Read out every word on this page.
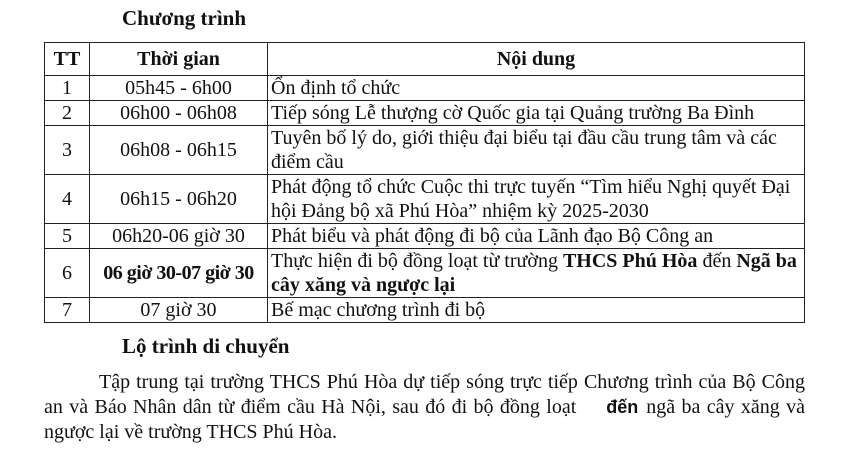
Chương trình
TT	Thời gian	Nội dung
1	05h45 - 6h00	Ổn định tổ chức
2	06h00 - 06h08	Tiếp sóng Lễ thượng cờ Quốc gia tại Quảng trường Ba Đình
3	06h08 - 06h15	Tuyên bố lý do, giới thiệu đại biểu tại đầu cầu trung tâm và các điểm cầu
4	06h15 - 06h20	Phát động tổ chức Cuộc thi trực tuyến “Tìm hiểu Nghị quyết Đại hội Đảng bộ xã Phú Hòa” nhiệm kỳ 2025-2030
5	06h20-06 giờ 30	Phát biểu và phát động đi bộ của Lãnh đạo Bộ Công an
6	06 giờ 30-07 giờ 30	Thực hiện đi bộ đồng loạt từ trường THCS Phú Hòa đến Ngã ba cây xăng và ngược lại
7	07 giờ 30	Bế mạc chương trình đi bộ
Lộ trình di chuyển
Tập trung tại trường THCS Phú Hòa dự tiếp sóng trực tiếp Chương trình của Bộ Công an và Báo Nhân dân từ điểm cầu Hà Nội, sau đó đi bộ đồng loạt đến ngã ba cây xăng và ngược lại về trường THCS Phú Hòa.
